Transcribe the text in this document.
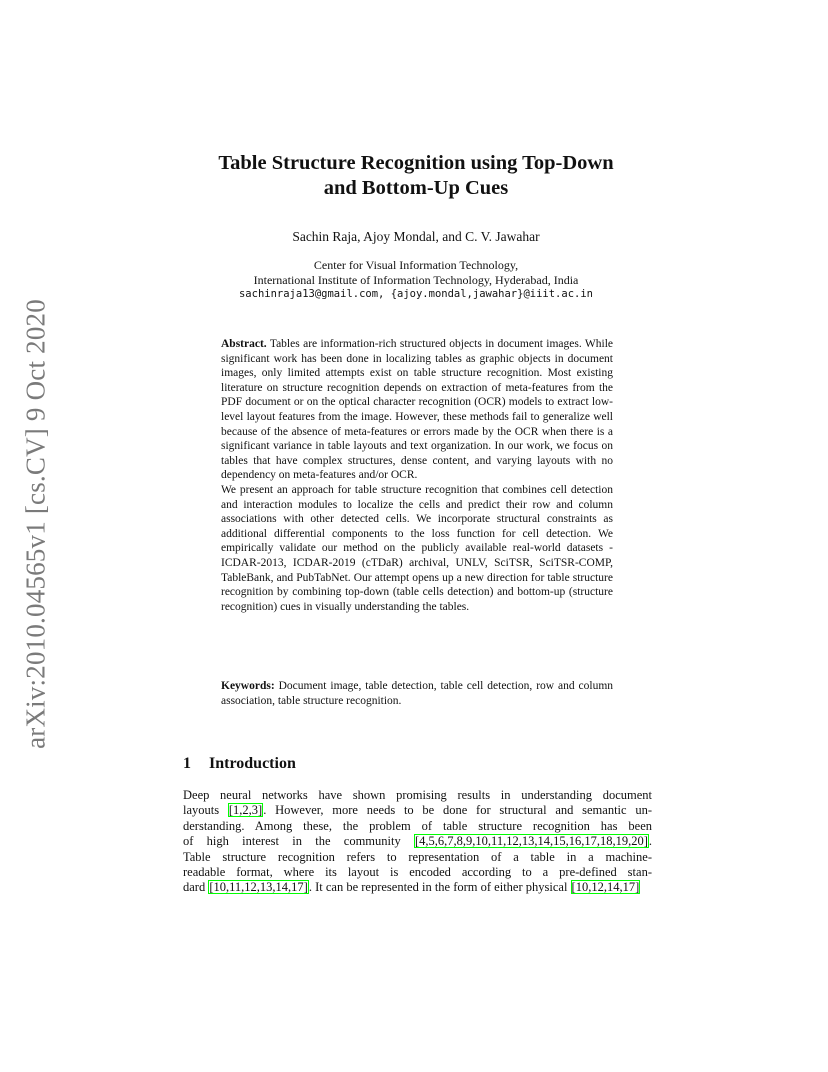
arXiv:2010.04565v1 [cs.CV] 9 Oct 2020
Table Structure Recognition using Top-Down
and Bottom-Up Cues
Sachin Raja, Ajoy Mondal, and C. V. Jawahar
Center for Visual Information Technology,
International Institute of Information Technology, Hyderabad, India
sachinraja13@gmail.com, {ajoy.mondal,jawahar}@iiit.ac.in

Abstract. Tables are information-rich structured objects in document images. While significant work has been done in localizing tables as graphic objects in document images, only limited attempts exist on table structure recognition. Most existing literature on structure recognition depends on extraction of meta-features from the PDF document or on the optical character recognition (OCR) models to extract low-level layout features from the image. However, these methods fail to generalize well because of the absence of meta-features or errors made by the OCR when there is a significant variance in table layouts and text organization. In our work, we focus on tables that have complex structures, dense content, and varying layouts with no dependency on meta-features and/or OCR.

We present an approach for table structure recognition that combines cell detection and interaction modules to localize the cells and predict their row and column associations with other detected cells. We incorporate structural constraints as additional differential components to the loss function for cell detection. We empirically validate our method on the publicly available real-world datasets - ICDAR-2013, ICDAR-2019 (cTDaR) archival, UNLV, SciTSR, SciTSR-COMP, TableBank, and PubTabNet. Our attempt opens up a new direction for table structure recognition by combining top-down (table cells detection) and bottom-up (structure recognition) cues in visually understanding the tables.

Keywords: Document image, table detection, table cell detection, row and column association, table structure recognition.
1 Introduction
Deep neural networks have shown promising results in understanding document
layouts [1,2,3]. However, more needs to be done for structural and semantic un-
derstanding. Among these, the problem of table structure recognition has been
of high interest in the community [4,5,6,7,8,9,10,11,12,13,14,15,16,17,18,19,20].
Table structure recognition refers to representation of a table in a machine-
readable format, where its layout is encoded according to a pre-defined stan-
dard [10,11,12,13,14,17]. It can be represented in the form of either physical [10,12,14,17]
